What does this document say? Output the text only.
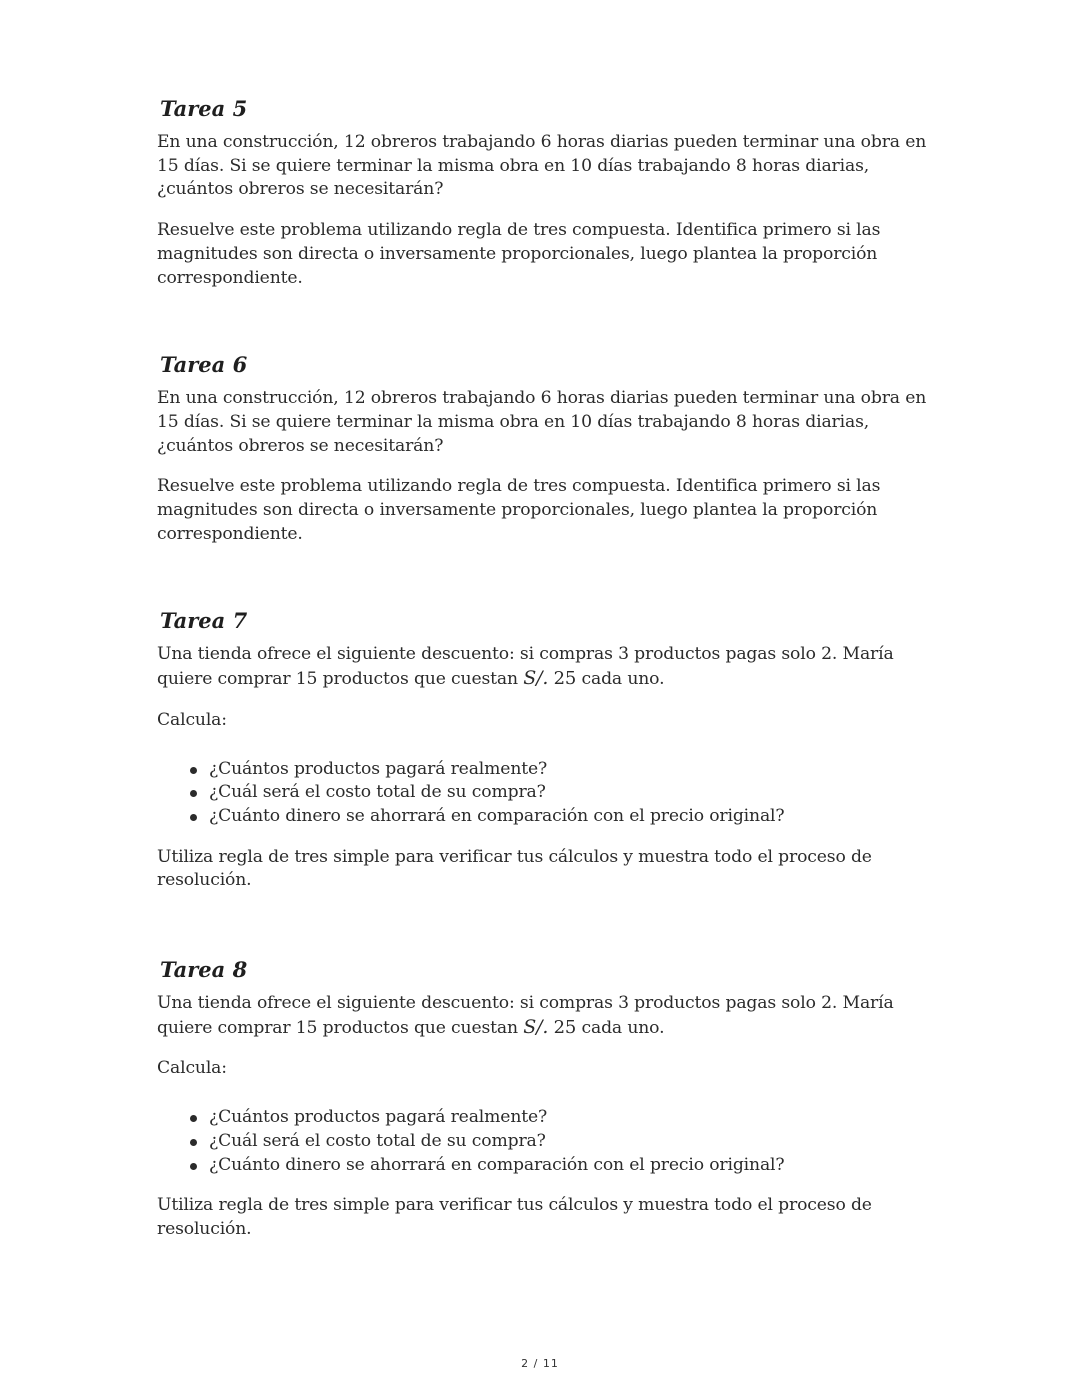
Tarea 5

En una construcción, 12 obreros trabajando 6 horas diarias pueden terminar una obra en 15 días. Si se quiere terminar la misma obra en 10 días trabajando 8 horas diarias, ¿cuántos obreros se necesitarán?

Resuelve este problema utilizando regla de tres compuesta. Identifica primero si las magnitudes son directa o inversamente proporcionales, luego plantea la proporción correspondiente.

Tarea 6

En una construcción, 12 obreros trabajando 6 horas diarias pueden terminar una obra en 15 días. Si se quiere terminar la misma obra en 10 días trabajando 8 horas diarias, ¿cuántos obreros se necesitarán?

Resuelve este problema utilizando regla de tres compuesta. Identifica primero si las magnitudes son directa o inversamente proporcionales, luego plantea la proporción correspondiente.

Tarea 7

Una tienda ofrece el siguiente descuento: si compras 3 productos pagas solo 2. María quiere comprar 15 productos que cuestan S/. 25 cada uno.

Calcula:

¿Cuántos productos pagará realmente?
¿Cuál será el costo total de su compra?
¿Cuánto dinero se ahorrará en comparación con el precio original?

Utiliza regla de tres simple para verificar tus cálculos y muestra todo el proceso de resolución.

Tarea 8

Una tienda ofrece el siguiente descuento: si compras 3 productos pagas solo 2. María quiere comprar 15 productos que cuestan S/. 25 cada uno.

Calcula:

¿Cuántos productos pagará realmente?
¿Cuál será el costo total de su compra?
¿Cuánto dinero se ahorrará en comparación con el precio original?

Utiliza regla de tres simple para verificar tus cálculos y muestra todo el proceso de resolución.

2 / 11
